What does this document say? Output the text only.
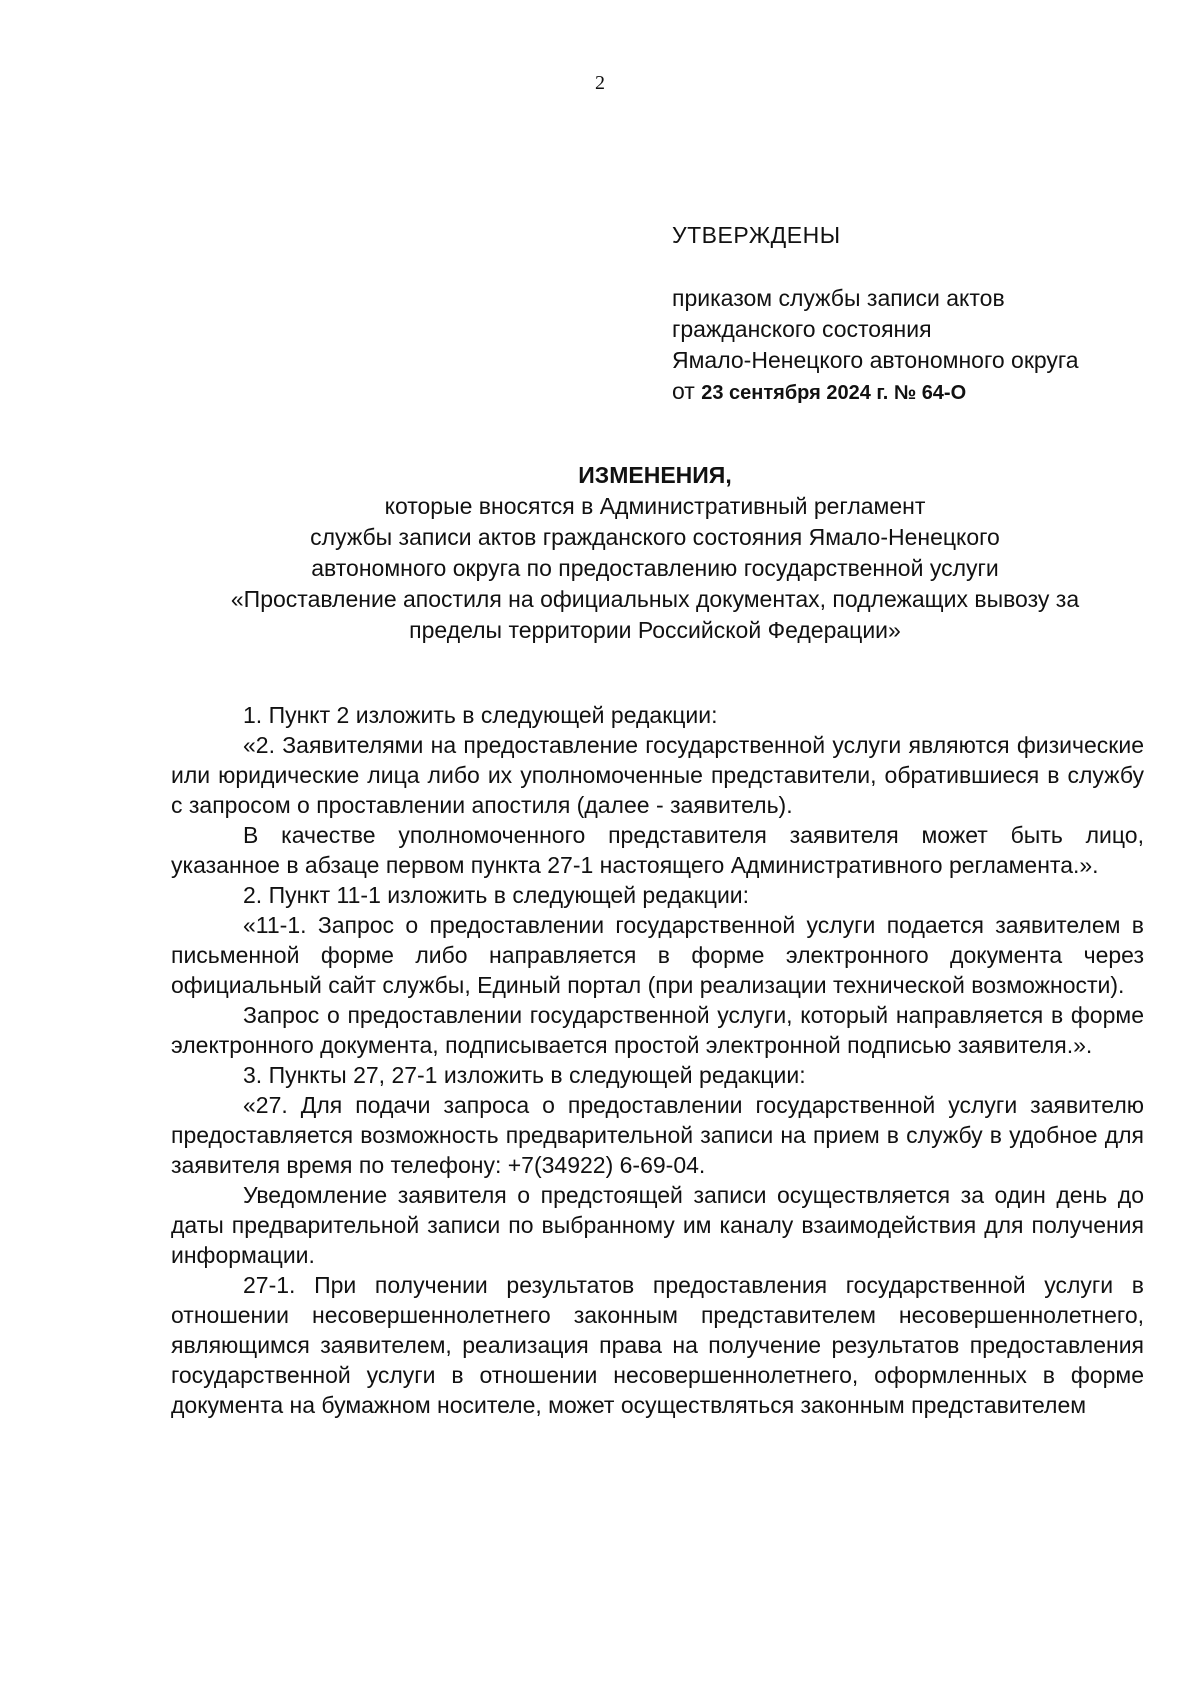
2
УТВЕРЖДЕНЫ
приказом службы записи актов
гражданского состояния
Ямало-Ненецкого автономного округа
от 23 сентября 2024 г. № 64-О
ИЗМЕНЕНИЯ,
которые вносятся в Административный регламент
службы записи актов гражданского состояния Ямало-Ненецкого
автономного округа по предоставлению государственной услуги
«Проставление апостиля на официальных документах, подлежащих вывозу за
пределы территории Российской Федерации»

1. Пункт 2 изложить в следующей редакции:

«2. Заявителями на предоставление государственной услуги являются физические или юридические лица либо их уполномоченные представители, обратившиеся в службу с запросом о проставлении апостиля (далее - заявитель).

В качестве уполномоченного представителя заявителя может быть лицо, указанное в абзаце первом пункта 27-1 настоящего Административного регламента.».

2. Пункт 11-1 изложить в следующей редакции:

«11-1. Запрос о предоставлении государственной услуги подается заявителем в письменной форме либо направляется в форме электронного документа через официальный сайт службы, Единый портал (при реализации технической возможности).

Запрос о предоставлении государственной услуги, который направляется в форме электронного документа, подписывается простой электронной подписью заявителя.».

3. Пункты 27, 27-1 изложить в следующей редакции:

«27. Для подачи запроса о предоставлении государственной услуги заявителю предоставляется возможность предварительной записи на прием в службу в удобное для заявителя время по телефону: +7(34922) 6-69-04.

Уведомление заявителя о предстоящей записи осуществляется за один день до даты предварительной записи по выбранному им каналу взаимодействия для получения информации.

27-1. При получении результатов предоставления государственной услуги в отношении несовершеннолетнего законным представителем несовершеннолетнего, являющимся заявителем, реализация права на получение результатов предоставления государственной услуги в отношении несовершеннолетнего, оформленных в форме документа на бумажном носителе, может осуществляться законным представителем
